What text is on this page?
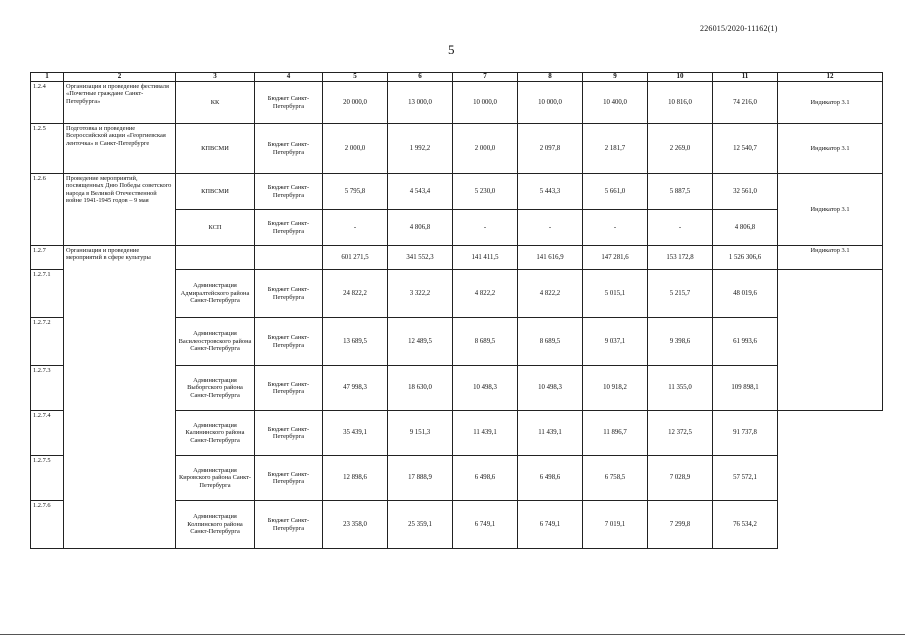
226015/2020-11162(1)
5
1	2	3	4	5	6	7	8	9	10	11	12
1.2.4	Организация и проведение фестиваля «Почетные граждане Санкт-Петербурга»	КК	Бюджет Санкт-Петербурга	20 000,0	13 000,0	10 000,0	10 000,0	10 400,0	10 816,0	74 216,0	Индикатор 3.1
1.2.5	Подготовка и проведение Всероссийской акции «Георгиевская ленточка» в Санкт-Петербурге	КПВСМИ	Бюджет Санкт-Петербурга	2 000,0	1 992,2	2 000,0	2 097,8	2 181,7	2 269,0	12 540,7	Индикатор 3.1
1.2.6	Проведение мероприятий, посвященных Дню Победы советского народа в Великой Отечественной войне 1941-1945 годов – 9 мая	КПВСМИ	Бюджет Санкт-Петербурга	5 795,8	4 543,4	5 230,0	5 443,3	5 661,0	5 887,5	32 561,0	Индикатор 3.1
		КСП	Бюджет Санкт-Петербурга	-	4 806,8	-	-	-	-	4 806,8	
1.2.7	Организация и проведение мероприятий в сфере культуры			601 271,5	341 552,3	141 411,5	141 616,9	147 281,6	153 172,8	1 526 306,6	Индикатор 3.1
1.2.7.1		Администрация Адмиралтейского района Санкт-Петербурга	Бюджет Санкт-Петербурга	24 822,2	3 322,2	4 822,2	4 822,2	5 015,1	5 215,7	48 019,6	
1.2.7.2		Администрация Василеостровского района Санкт-Петербурга	Бюджет Санкт-Петербурга	13 689,5	12 489,5	8 689,5	8 689,5	9 037,1	9 398,6	61 993,6	
1.2.7.3		Администрация Выборгского района Санкт-Петербурга	Бюджет Санкт-Петербурга	47 998,3	18 630,0	10 498,3	10 498,3	10 918,2	11 355,0	109 898,1	
1.2.7.4		Администрация Калининского района Санкт-Петербурга	Бюджет Санкт-Петербурга	35 439,1	9 151,3	11 439,1	11 439,1	11 896,7	12 372,5	91 737,8	
1.2.7.5		Администрация Кировского района Санкт-Петербурга	Бюджет Санкт-Петербурга	12 898,6	17 888,9	6 498,6	6 498,6	6 758,5	7 028,9	57 572,1	
1.2.7.6		Администрация Колпинского района Санкт-Петербурга	Бюджет Санкт-Петербурга	23 358,0	25 359,1	6 749,1	6 749,1	7 019,1	7 299,8	76 534,2	
